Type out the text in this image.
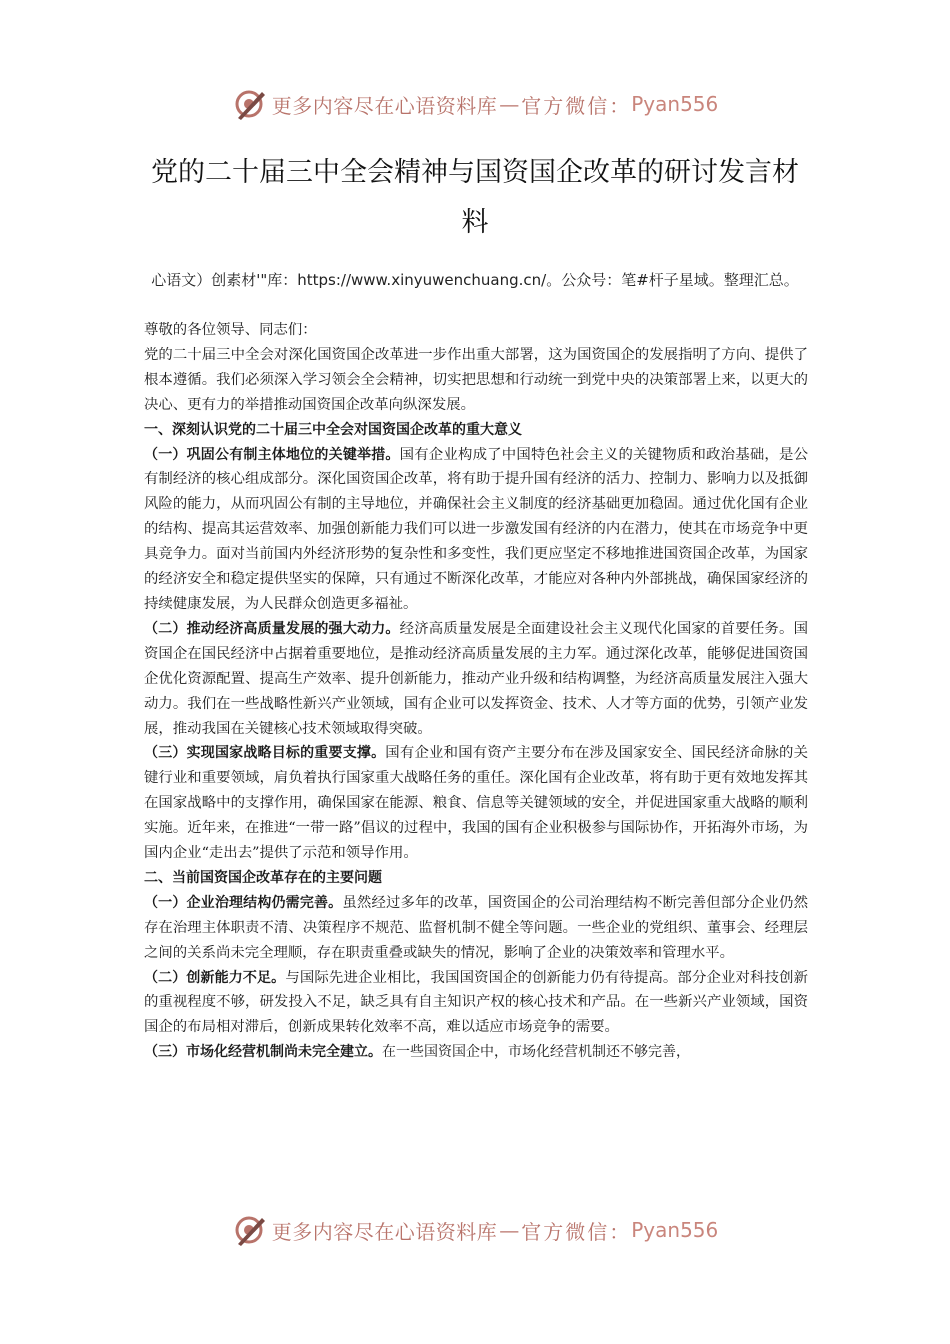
更多内容尽在心语资料库 — 官方微信： Pyan556
党的二十届三中全会精神与国资国企改革的研讨发言材料
心语文）创素材'"库：https://www.xinyuwenchuang.cn/。公众号：笔#杆子星域。整理汇总。

尊敬的各位领导、同志们：

党的二十届三中全会对深化国资国企改革进一步作出重大部署，这为国资国企的发展指明了方向、提供了根本遵循。我们必须深入学习领会全会精神，切实把思想和行动统一到党中央的决策部署上来，以更大的决心、更有力的举措推动国资国企改革向纵深发展。

一、深刻认识党的二十届三中全会对国资国企改革的重大意义

（一）巩固公有制主体地位的关键举措。国有企业构成了中国特色社会主义的关键物质和政治基础，是公有制经济的核心组成部分。深化国资国企改革，将有助于提升国有经济的活力、控制力、影响力以及抵御风险的能力，从而巩固公有制的主导地位，并确保社会主义制度的经济基础更加稳固。通过优化国有企业的结构、提高其运营效率、加强创新能力我们可以进一步激发国有经济的内在潜力，使其在市场竞争中更具竞争力。面对当前国内外经济形势的复杂性和多变性，我们更应坚定不移地推进国资国企改革，为国家的经济安全和稳定提供坚实的保障，只有通过不断深化改革，才能应对各种内外部挑战，确保国家经济的持续健康发展，为人民群众创造更多福祉。

（二）推动经济高质量发展的强大动力。经济高质量发展是全面建设社会主义现代化国家的首要任务。国资国企在国民经济中占据着重要地位，是推动经济高质量发展的主力军。通过深化改革，能够促进国资国企优化资源配置、提高生产效率、提升创新能力，推动产业升级和结构调整，为经济高质量发展注入强大动力。我们在一些战略性新兴产业领域，国有企业可以发挥资金、技术、人才等方面的优势，引领产业发展，推动我国在关键核心技术领域取得突破。

（三）实现国家战略目标的重要支撑。国有企业和国有资产主要分布在涉及国家安全、国民经济命脉的关键行业和重要领域，肩负着执行国家重大战略任务的重任。深化国有企业改革，将有助于更有效地发挥其在国家战略中的支撑作用，确保国家在能源、粮食、信息等关键领域的安全，并促进国家重大战略的顺利实施。近年来，在推进“一带一路”倡议的过程中，我国的国有企业积极参与国际协作，开拓海外市场，为国内企业“走出去”提供了示范和领导作用。

二、当前国资国企改革存在的主要问题

（一）企业治理结构仍需完善。虽然经过多年的改革，国资国企的公司治理结构不断完善但部分企业仍然存在治理主体职责不清、决策程序不规范、监督机制不健全等问题。一些企业的党组织、董事会、经理层之间的关系尚未完全理顺，存在职责重叠或缺失的情况，影响了企业的决策效率和管理水平。

（二）创新能力不足。与国际先进企业相比，我国国资国企的创新能力仍有待提高。部分企业对科技创新的重视程度不够，研发投入不足，缺乏具有自主知识产权的核心技术和产品。在一些新兴产业领域，国资国企的布局相对滞后，创新成果转化效率不高，难以适应市场竞争的需要。

（三）市场化经营机制尚未完全建立。在一些国资国企中，市场化经营机制还不够完善，

更多内容尽在心语资料库 — 官方微信： Pyan556
